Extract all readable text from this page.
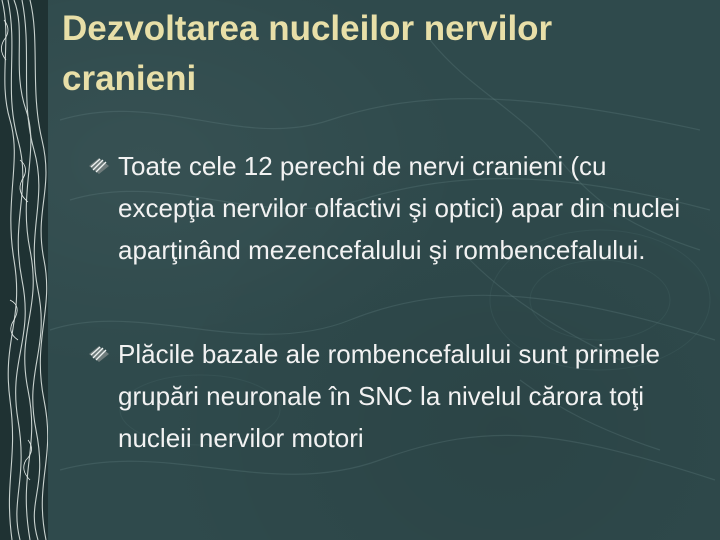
Dezvoltarea nucleilor nervilor cranieni
Toate cele 12 perechi de nervi cranieni (cu excepţia nervilor olfactivi şi optici) apar din nuclei aparţinând mezencefalului şi rombencefalului.
Plăcile bazale ale rombencefalului sunt primele grupări neuronale în SNC la nivelul cărora toţi nucleii nervilor motori
